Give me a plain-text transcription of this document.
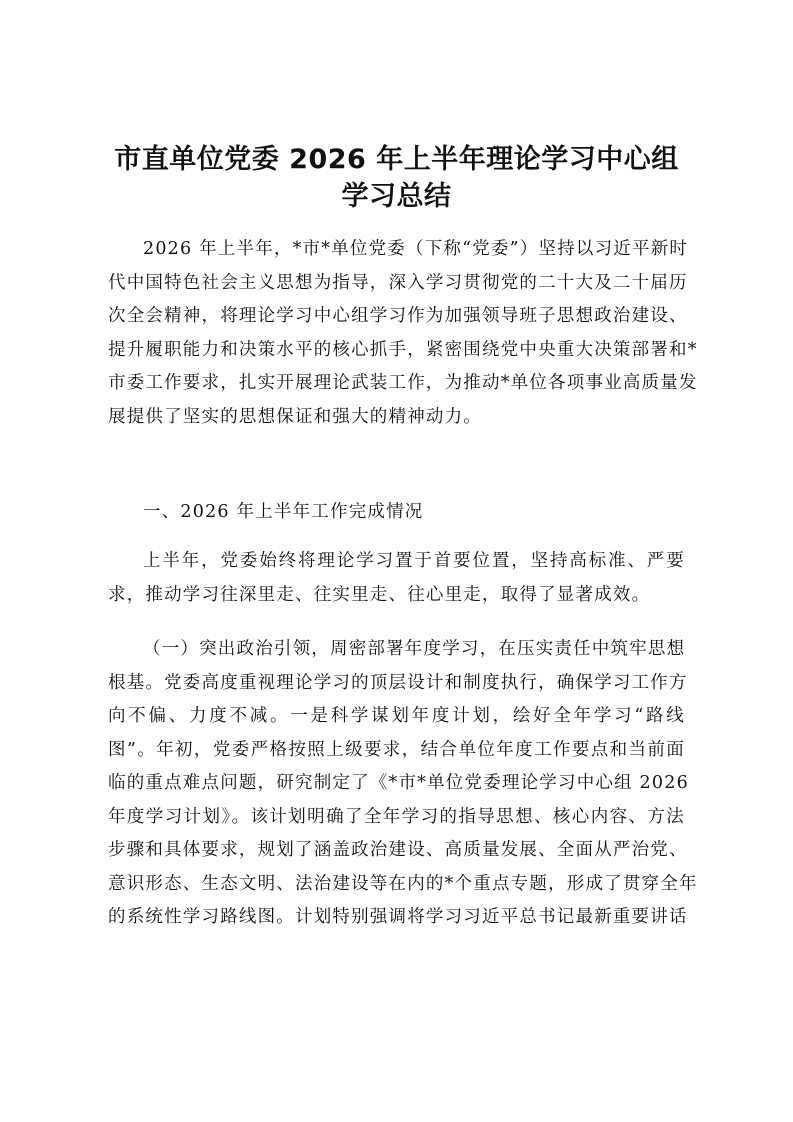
市直单位党委 2026 年上半年理论学习中心组
学习总结
2026 年上半年，*市*单位党委（下称“党委”）坚持以习近平新时
代中国特色社会主义思想为指导，深入学习贯彻党的二十大及二十届历
次全会精神，将理论学习中心组学习作为加强领导班子思想政治建设、
提升履职能力和决策水平的核心抓手，紧密围绕党中央重大决策部署和*
市委工作要求，扎实开展理论武装工作，为推动*单位各项事业高质量发
展提供了坚实的思想保证和强大的精神动力。
一、2026 年上半年工作完成情况
上半年，党委始终将理论学习置于首要位置，坚持高标准、严要
求，推动学习往深里走、往实里走、往心里走，取得了显著成效。
（一）突出政治引领，周密部署年度学习，在压实责任中筑牢思想
根基。党委高度重视理论学习的顶层设计和制度执行，确保学习工作方
向不偏、力度不减。一是科学谋划年度计划，绘好全年学习“路线
图”。年初，党委严格按照上级要求，结合单位年度工作要点和当前面
临的重点难点问题，研究制定了《*市*单位党委理论学习中心组 2026
年度学习计划》。该计划明确了全年学习的指导思想、核心内容、方法
步骤和具体要求，规划了涵盖政治建设、高质量发展、全面从严治党、
意识形态、生态文明、法治建设等在内的*个重点专题，形成了贯穿全年
的系统性学习路线图。计划特别强调将学习习近平总书记最新重要讲话
